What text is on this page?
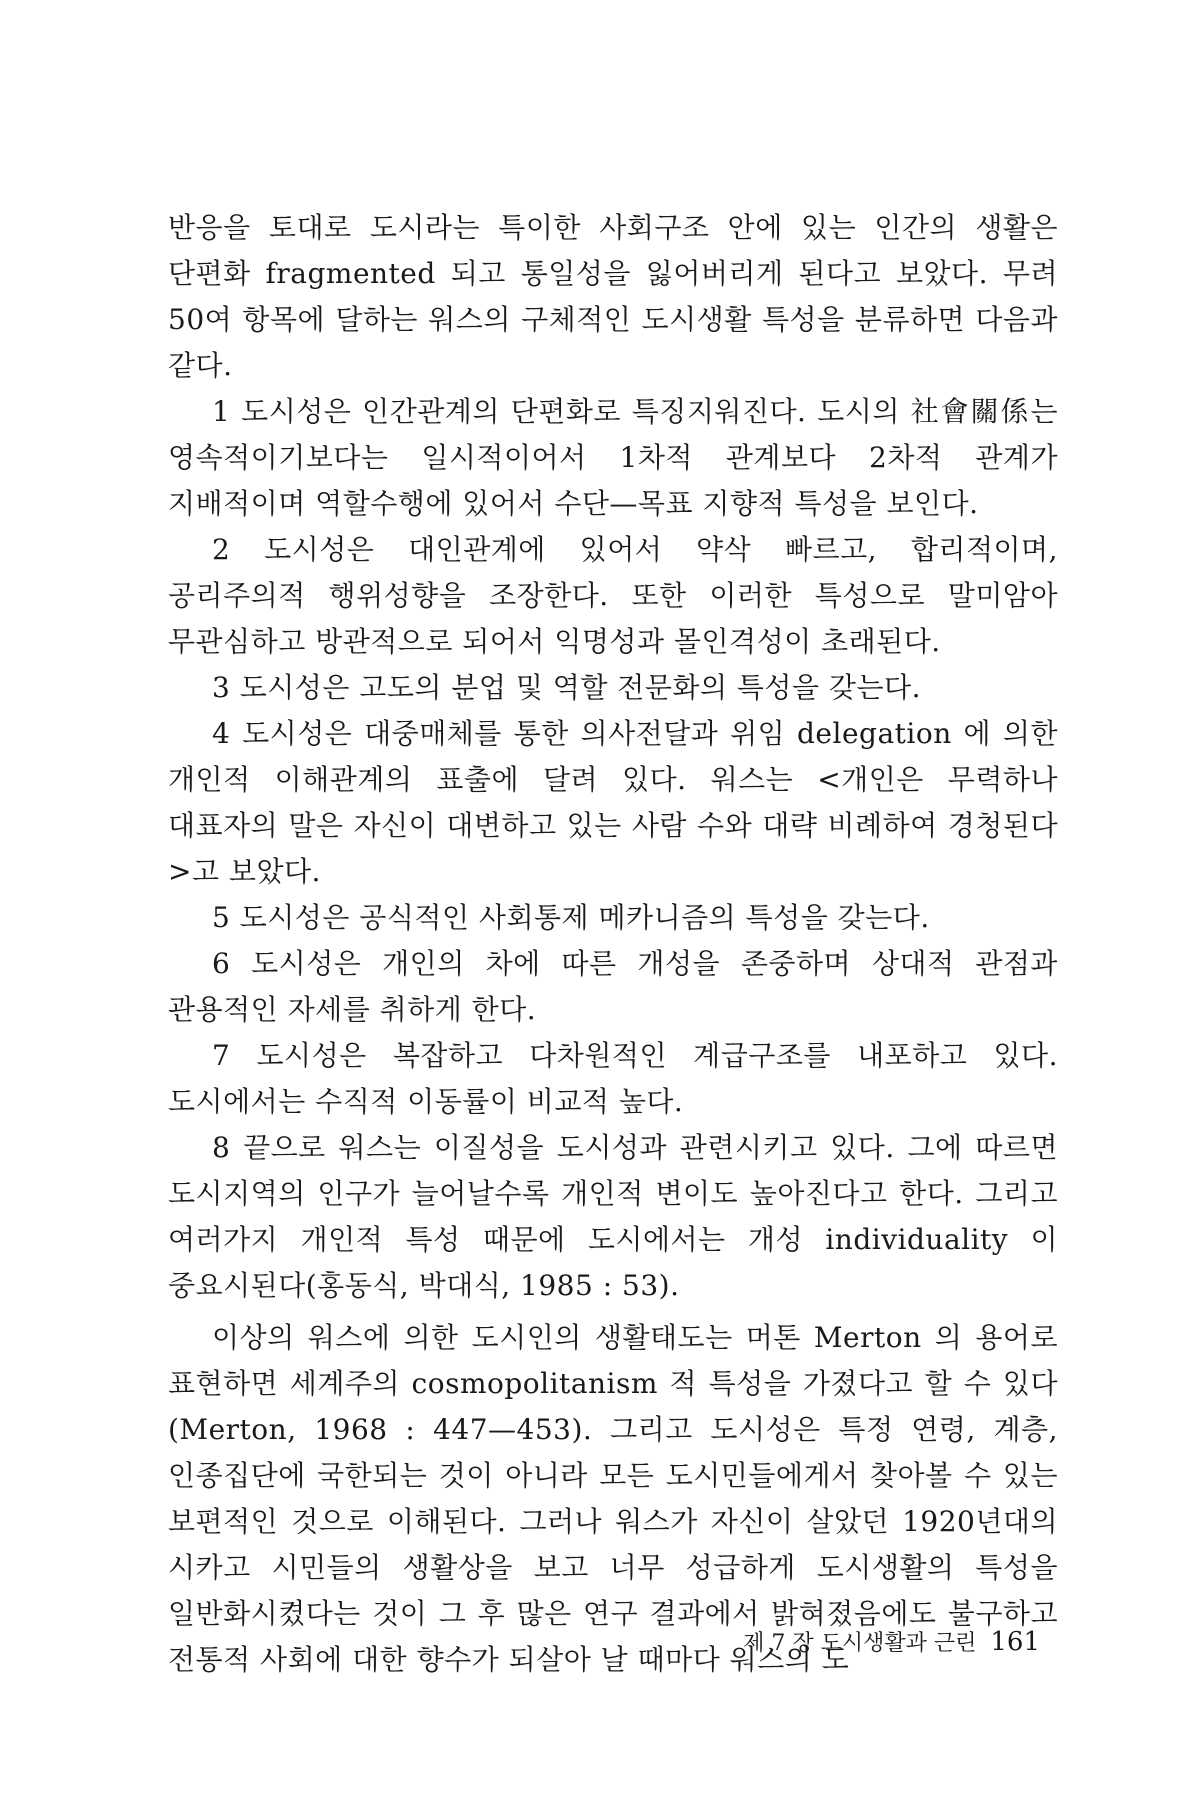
반응을 토대로 도시라는 특이한 사회구조 안에 있는 인간의 생활은 단편화 fragmented 되고 통일성을 잃어버리게 된다고 보았다. 무려 50여 항목에 달하는 워스의 구체적인 도시생활 특성을 분류하면 다음과 같다.

1 도시성은 인간관계의 단편화로 특징지워진다. 도시의 社會關係는 영속적이기보다는 일시적이어서 1차적 관계보다 2차적 관계가 지배적이며 역할수행에 있어서 수단—목표 지향적 특성을 보인다.

2 도시성은 대인관계에 있어서 약삭 빠르고, 합리적이며, 공리주의적 행위성향을 조장한다. 또한 이러한 특성으로 말미암아 무관심하고 방관적으로 되어서 익명성과 몰인격성이 초래된다.

3 도시성은 고도의 분업 및 역할 전문화의 특성을 갖는다.

4 도시성은 대중매체를 통한 의사전달과 위임 delegation 에 의한 개인적 이해관계의 표출에 달려 있다. 워스는 <개인은 무력하나 대표자의 말은 자신이 대변하고 있는 사람 수와 대략 비례하여 경청된다>고 보았다.

5 도시성은 공식적인 사회통제 메카니즘의 특성을 갖는다.

6 도시성은 개인의 차에 따른 개성을 존중하며 상대적 관점과 관용적인 자세를 취하게 한다.

7 도시성은 복잡하고 다차원적인 계급구조를 내포하고 있다. 도시에서는 수직적 이동률이 비교적 높다.

8 끝으로 워스는 이질성을 도시성과 관련시키고 있다. 그에 따르면 도시지역의 인구가 늘어날수록 개인적 변이도 높아진다고 한다. 그리고 여러가지 개인적 특성 때문에 도시에서는 개성 individuality 이 중요시된다(홍동식, 박대식, 1985 : 53).

이상의 워스에 의한 도시인의 생활태도는 머톤 Merton 의 용어로 표현하면 세계주의 cosmopolitanism 적 특성을 가졌다고 할 수 있다(Merton, 1968 : 447—453). 그리고 도시성은 특정 연령, 계층, 인종집단에 국한되는 것이 아니라 모든 도시민들에게서 찾아볼 수 있는 보편적인 것으로 이해된다. 그러나 워스가 자신이 살았던 1920년대의 시카고 시민들의 생활상을 보고 너무 성급하게 도시생활의 특성을 일반화시켰다는 것이 그 후 많은 연구 결과에서 밝혀졌음에도 불구하고 전통적 사회에 대한 향수가 되살아 날 때마다 워스의 도

제 7 장 도시생활과 근린 161
